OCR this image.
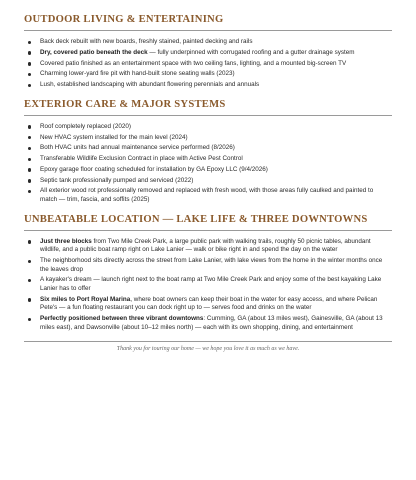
OUTDOOR LIVING & ENTERTAINING
Back deck rebuilt with new boards, freshly stained, painted decking and rails
Dry, covered patio beneath the deck — fully underpinned with corrugated roofing and a gutter drainage system
Covered patio finished as an entertainment space with two ceiling fans, lighting, and a mounted big-screen TV
Charming lower-yard fire pit with hand-built stone seating walls (2023)
Lush, established landscaping with abundant flowering perennials and annuals
EXTERIOR CARE & MAJOR SYSTEMS
Roof completely replaced (2020)
New HVAC system installed for the main level (2024)
Both HVAC units had annual maintenance service performed (8/2026)
Transferable Wildlife Exclusion Contract in place with Active Pest Control
Epoxy garage floor coating scheduled for installation by GA Epoxy LLC (9/4/2026)
Septic tank professionally pumped and serviced (2022)
All exterior wood rot professionally removed and replaced with fresh wood, with those areas fully caulked and painted to match — trim, fascia, and soffits (2025)
UNBEATABLE LOCATION — LAKE LIFE & THREE DOWNTOWNS
Just three blocks from Two Mile Creek Park, a large public park with walking trails, roughly 50 picnic tables, abundant wildlife, and a public boat ramp right on Lake Lanier — walk or bike right in and spend the day on the water
The neighborhood sits directly across the street from Lake Lanier, with lake views from the home in the winter months once the leaves drop
A kayaker's dream — launch right next to the boat ramp at Two Mile Creek Park and enjoy some of the best kayaking Lake Lanier has to offer
Six miles to Port Royal Marina, where boat owners can keep their boat in the water for easy access, and where Pelican Pete's — a fun floating restaurant you can dock right up to — serves food and drinks on the water
Perfectly positioned between three vibrant downtowns: Cumming, GA (about 13 miles west), Gainesville, GA (about 13 miles east), and Dawsonville (about 10–12 miles north) — each with its own shopping, dining, and entertainment
Thank you for touring our home — we hope you love it as much as we have.
